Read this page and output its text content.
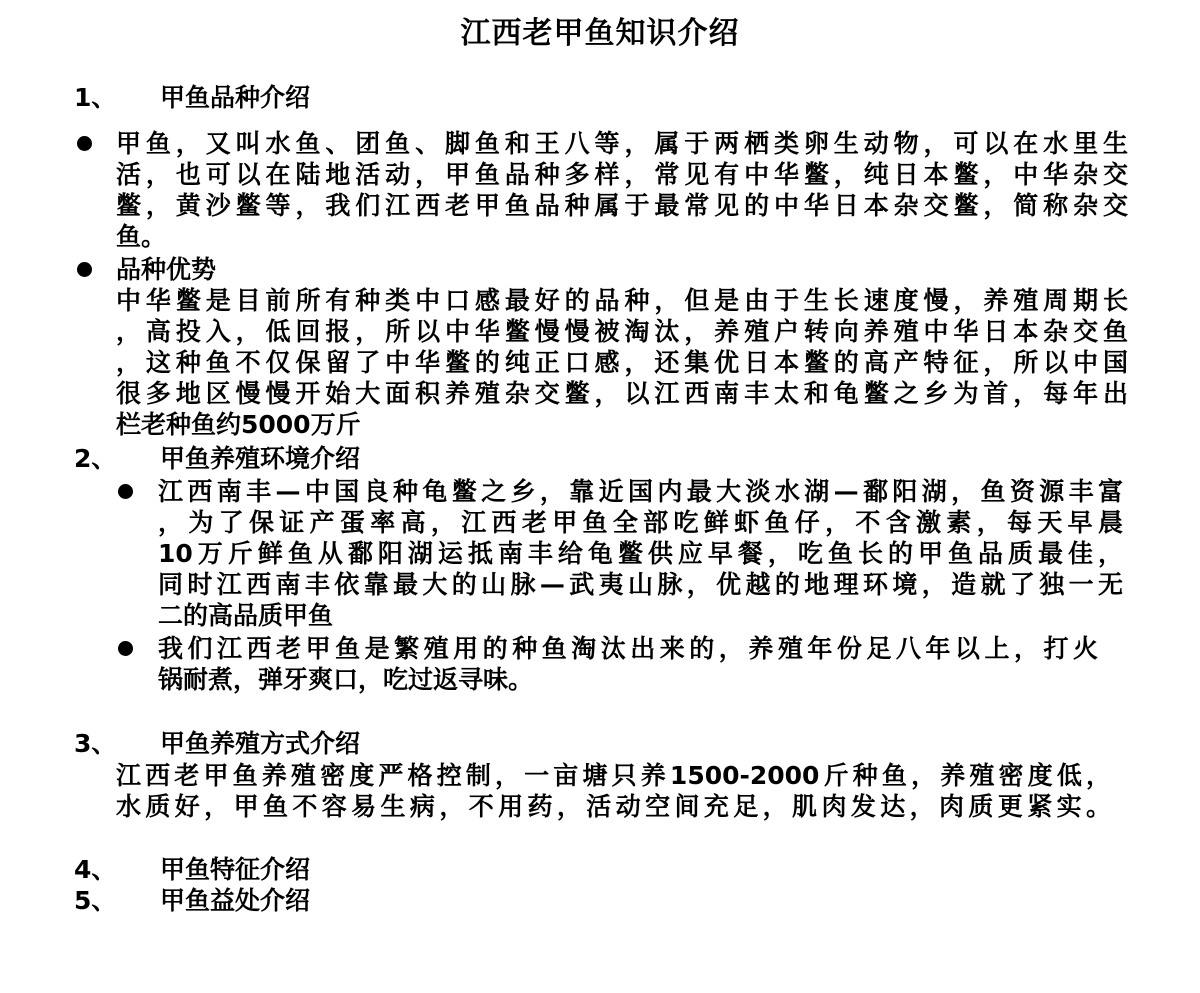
江西老甲鱼知识介绍
1、 甲鱼品种介绍
甲鱼，又叫水鱼、团鱼、脚鱼和王八等，属于两栖类卵生动物，可以在水里生
活，也可以在陆地活动，甲鱼品种多样，常见有中华鳖，纯日本鳖，中华杂交
鳖，黄沙鳖等，我们江西老甲鱼品种属于最常见的中华日本杂交鳖，简称杂交
鱼。
品种优势
中华鳖是目前所有种类中口感最好的品种，但是由于生长速度慢，养殖周期长
，高投入，低回报，所以中华鳖慢慢被淘汰，养殖户转向养殖中华日本杂交鱼
，这种鱼不仅保留了中华鳖的纯正口感，还集优日本鳖的高产特征，所以中国
很多地区慢慢开始大面积养殖杂交鳖，以江西南丰太和龟鳖之乡为首，每年出
栏老种鱼约5000万斤
2、 甲鱼养殖环境介绍
江西南丰—中国良种龟鳖之乡，靠近国内最大淡水湖—鄱阳湖，鱼资源丰富
，为了保证产蛋率高，江西老甲鱼全部吃鲜虾鱼仔，不含激素，每天早晨
10万斤鲜鱼从鄱阳湖运抵南丰给龟鳖供应早餐，吃鱼长的甲鱼品质最佳，
同时江西南丰依靠最大的山脉—武夷山脉，优越的地理环境，造就了独一无
二的高品质甲鱼
我们江西老甲鱼是繁殖用的种鱼淘汰出来的，养殖年份足八年以上，打火
锅耐煮，弹牙爽口，吃过返寻味。
3、 甲鱼养殖方式介绍
江西老甲鱼养殖密度严格控制，一亩塘只养1500-2000斤种鱼，养殖密度低，
水质好，甲鱼不容易生病，不用药，活动空间充足，肌肉发达，肉质更紧实。
4、 甲鱼特征介绍
5、 甲鱼益处介绍
